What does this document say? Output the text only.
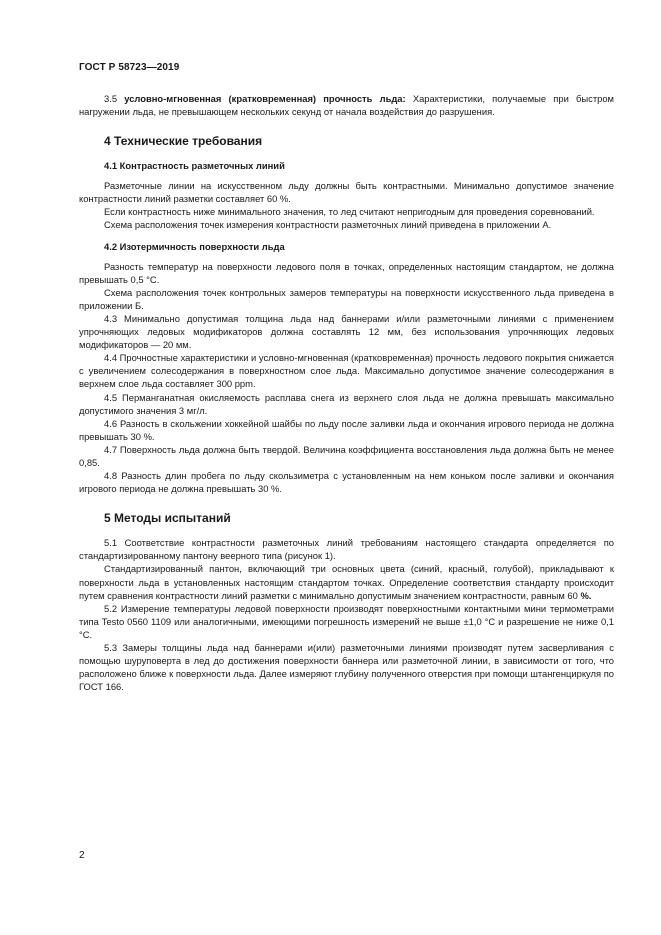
ГОСТ Р 58723—2019

3.5 условно-мгновенная (кратковременная) прочность льда: Характеристики, получаемые при быстром нагружении льда, не превышающем нескольких секунд от начала воздействия до разрушения.

4 Технические требования
4.1 Контрастность разметочных линий

Разметочные линии на искусственном льду должны быть контрастными. Минимально допустимое значение контрастности линий разметки составляет 60 %.

Если контрастность ниже минимального значения, то лед считают непригодным для проведения соревнований.

Схема расположения точек измерения контрастности разметочных линий приведена в приложении А.

4.2 Изотермичность поверхности льда

Разность температур на поверхности ледового поля в точках, определенных настоящим стандартом, не должна превышать 0,5 °С.

Схема расположения точек контрольных замеров температуры на поверхности искусственного льда приведена в приложении Б.

4.3 Минимально допустимая толщина льда над баннерами и/или разметочными линиями с применением упрочняющих ледовых модификаторов должна составлять 12 мм, без использования упрочняющих ледовых модификаторов — 20 мм.

4.4 Прочностные характеристики и условно-мгновенная (кратковременная) прочность ледового покрытия снижается с увеличением солесодержания в поверхностном слое льда. Максимально допустимое значение солесодержания в верхнем слое льда составляет 300 ppm.

4.5 Перманганатная окисляемость расплава снега из верхнего слоя льда не должна превышать максимально допустимого значения 3 мг/л.

4.6 Разность в скольжении хоккейной шайбы по льду после заливки льда и окончания игрового периода не должна превышать 30 %.

4.7 Поверхность льда должна быть твердой. Величина коэффициента восстановления льда должна быть не менее 0,85.

4.8 Разность длин пробега по льду скользиметра с установленным на нем коньком после заливки и окончания игрового периода не должна превышать 30 %.

5 Методы испытаний

5.1 Соответствие контрастности разметочных линий требованиям настоящего стандарта определяется по стандартизированному пантону веерного типа (рисунок 1).

Стандартизированный пантон, включающий три основных цвета (синий, красный, голубой), прикладывают к поверхности льда в установленных настоящим стандартом точках. Определение соответствия стандарту происходит путем сравнения контрастности линий разметки с минимально допустимым значением контрастности, равным 60 %.

5.2 Измерение температуры ледовой поверхности производят поверхностными контактными мини термометрами типа Testo 0560 1109 или аналогичными, имеющими погрешность измерений не выше ±1,0 °С и разрешение не ниже 0,1 °С.

5.3 Замеры толщины льда над баннерами и(или) разметочными линиями производят путем засверливания с помощью шуруповерта в лед до достижения поверхности баннера или разметочной линии, в зависимости от того, что расположено ближе к поверхности льда. Далее измеряют глубину полученного отверстия при помощи штангенциркуля по ГОСТ 166.

2
